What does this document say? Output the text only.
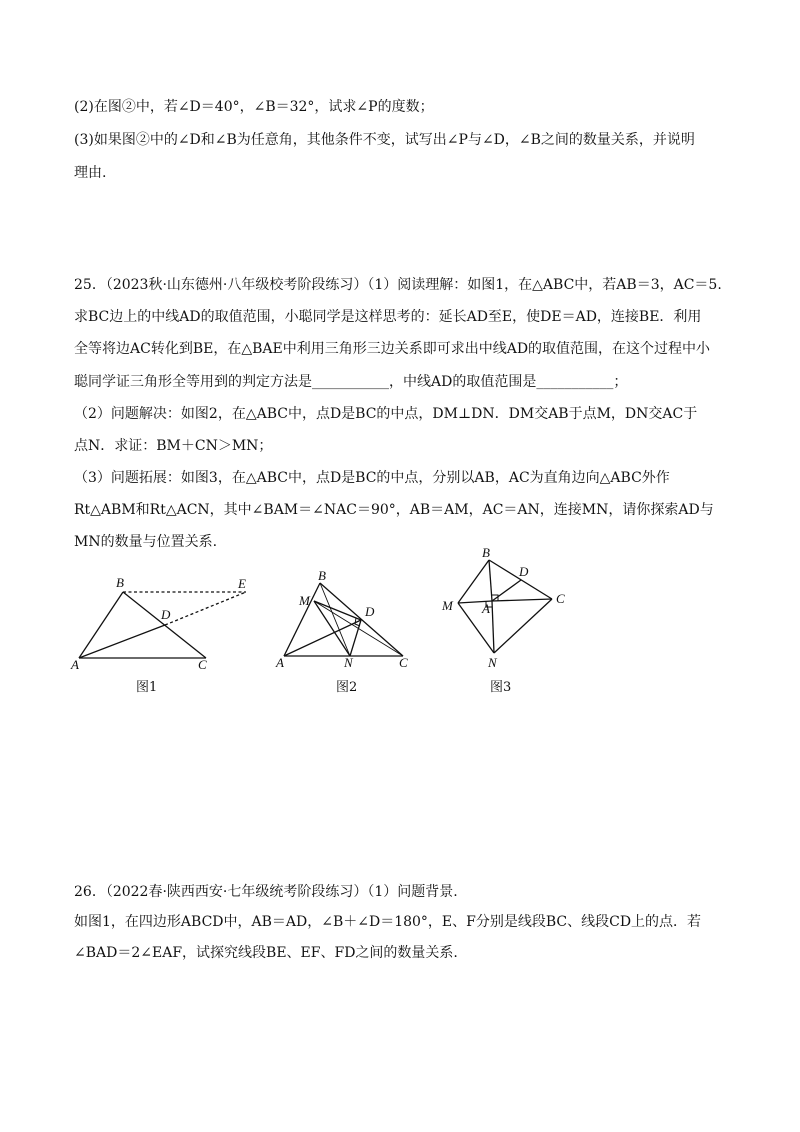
(2)在图②中，若∠D＝40°，∠B＝32°，试求∠P的度数；
(3)如果图②中的∠D和∠B为任意角，其他条件不变，试写出∠P与∠D，∠B之间的数量关系，并说明
理由.
25．（2023秋·山东德州·八年级校考阶段练习）（1）阅读理解：如图1，在△ABC中，若AB＝3，AC＝5.
求BC边上的中线AD的取值范围，小聪同学是这样思考的：延长AD至E，使DE＝AD，连接BE．利用
全等将边AC转化到BE，在△BAE中利用三角形三边关系即可求出中线AD的取值范围，在这个过程中小
聪同学证三角形全等用到的判定方法是___________，中线AD的取值范围是___________；
（2）问题解决：如图2，在△ABC中，点D是BC的中点，DM⊥DN．DM交AB于点M，DN交AC于
点N．求证：BM＋CN＞MN；
（3）问题拓展：如图3，在△ABC中，点D是BC的中点，分别以AB，AC为直角边向△ABC外作
Rt△ABM和Rt△ACN，其中∠BAM＝∠NAC＝90°，AB＝AM，AC＝AN，连接MN，请你探索AD与
MN的数量与位置关系.
A
B
C
D
E
图1
A
B
C
D
M
N
图2
A
B
C
D
M
N
图3
26．（2022春·陕西西安·七年级统考阶段练习）（1）问题背景.
如图1，在四边形ABCD中，AB＝AD，∠B＋∠D＝180°，E、F分别是线段BC、线段CD上的点．若
∠BAD＝2∠EAF，试探究线段BE、EF、FD之间的数量关系.
